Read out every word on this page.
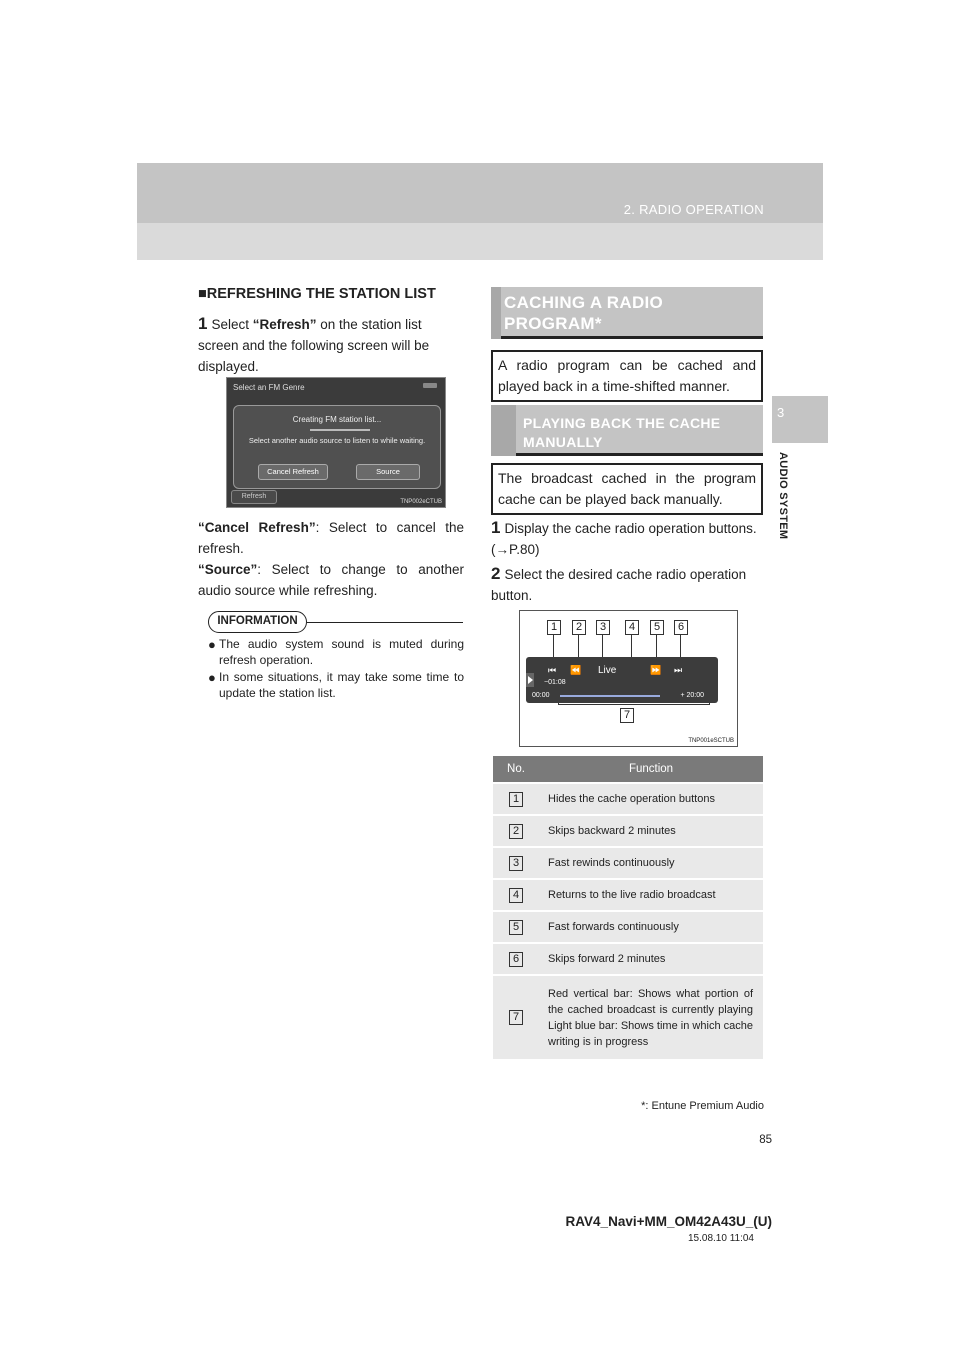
2. RADIO OPERATION
3
AUDIO SYSTEM
■REFRESHING THE STATION LIST
1 Select “Refresh” on the station list screen and the following screen will be displayed.
Select an FM Genre
Creating FM station list...
Select another audio source to listen to while waiting.
Cancel Refresh	Source
Refresh
TNP002eCTUB
“Cancel Refresh”: Select to cancel the refresh.
“Source”: Select to change to another audio source while refreshing.
INFORMATION
● The audio system sound is muted during refresh operation.
● In some situations, it may take some time to update the station list.
CACHING A RADIO PROGRAM*
A radio program can be cached and played back in a time-shifted manner.
PLAYING BACK THE CACHE MANUALLY
The broadcast cached in the program cache can be played back manually.
1 Display the cache radio operation buttons. (→P.80)
2 Select the desired cache radio operation button.
1	2	3	4	5	6
⏮ ⏪ Live	⏩ ⏭
−01:08
00:00	+ 20:00
7
TNP001eSCTUB
No.	Function
1	Hides the cache operation buttons
2	Skips backward 2 minutes
3	Fast rewinds continuously
4	Returns to the live radio broadcast
5	Fast forwards continuously
6	Skips forward 2 minutes
7	Red vertical bar: Shows what portion of the cached broadcast is currently playing Light blue bar: Shows time in which cache writing is in progress
*: Entune Premium Audio
85
RAV4_Navi+MM_OM42A43U_(U)
15.08.10 11:04
